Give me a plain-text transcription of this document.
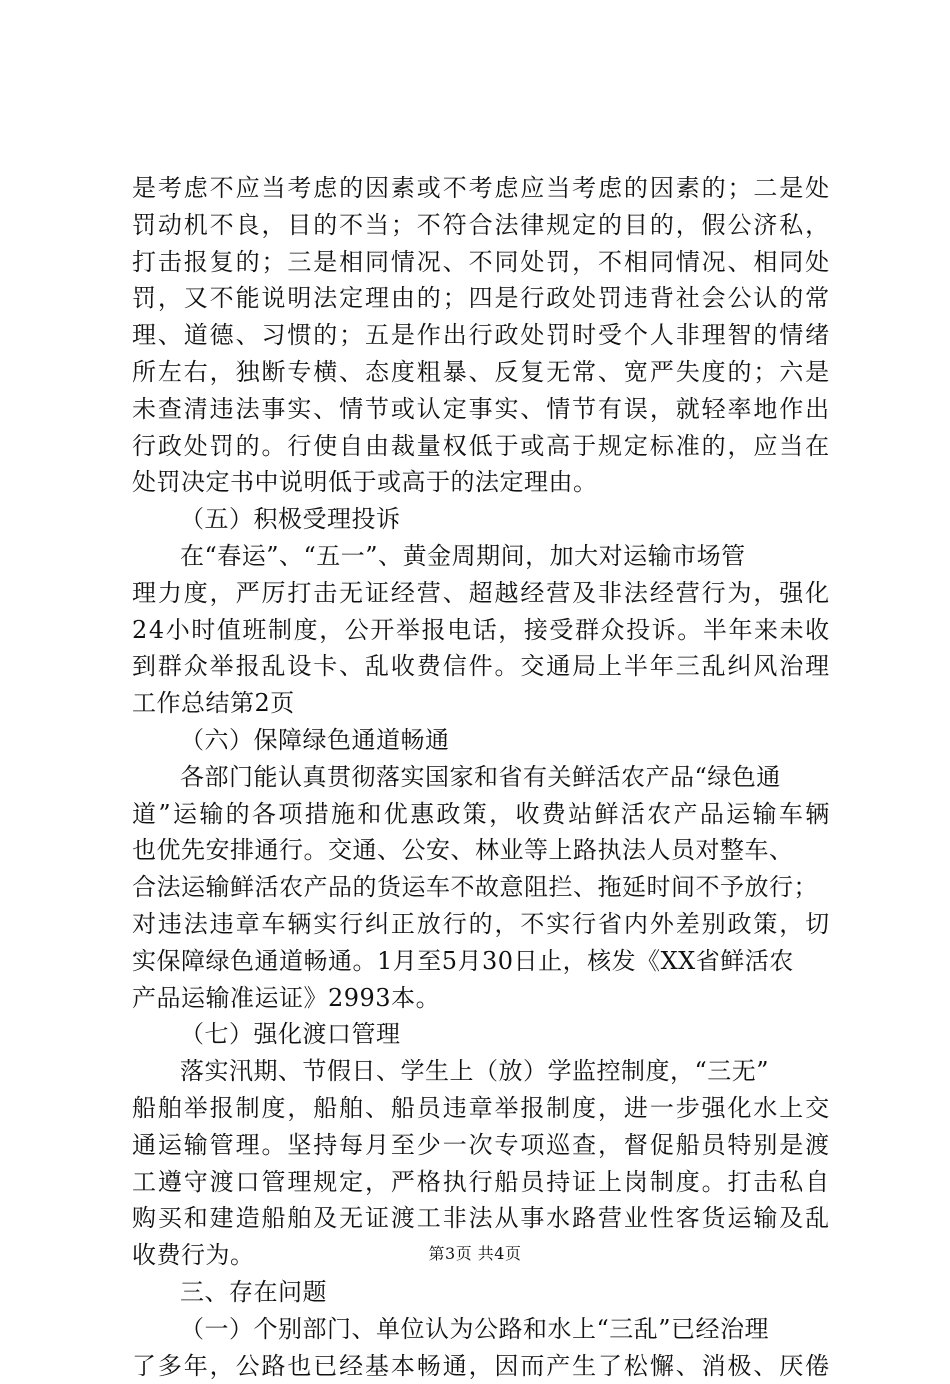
是 考 虑 不 应 当 考 虑 的 因 素 或 不 考 虑 应 当 考 虑 的 因 素 的 ； 二 是 处
罚 动 机 不 良 ， 目 的 不 当 ； 不 符 合 法 律 规 定 的 目 的 ， 假 公 济 私 ，
打 击 报 复 的 ； 三 是 相 同 情 况 、 不 同 处 罚 ， 不 相 同 情 况 、 相 同 处
罚 ， 又 不 能 说 明 法 定 理 由 的 ； 四 是 行 政 处 罚 违 背 社 会 公 认 的 常
理 、 道 德 、 习 惯 的 ； 五 是 作 出 行 政 处 罚 时 受 个 人 非 理 智 的 情 绪
所 左 右 ， 独 断 专 横 、 态 度 粗 暴 、 反 复 无 常 、 宽 严 失 度 的 ； 六 是
未 查 清 违 法 事 实 、 情 节 或 认 定 事 实 、 情 节 有 误 ， 就 轻 率 地 作 出
行 政 处 罚 的 。 行 使 自 由 裁 量 权 低 于 或 高 于 规 定 标 准 的 ， 应 当 在
处罚决定书中说明低于或高于的法定理由。
（五）积极受理投诉
在“春运”、“五一”、黄金周期间，加大对运输市场管
理 力 度 ， 严 厉 打 击 无 证 经 营 、 超 越 经 营 及 非 法 经 营 行 为 ， 强 化
2 4 小 时 值 班 制 度 ， 公 开 举 报 电 话 ， 接 受 群 众 投 诉 。 半 年 来 未 收
到 群 众 举 报 乱 设 卡 、 乱 收 费 信 件 。 交 通 局 上 半 年 三 乱 纠 风 治 理
工作总结第2页
（六）保障绿色通道畅通
各部门能认真贯彻落实国家和省有关鲜活农产品“绿色通
道 ” 运 输 的 各 项 措 施 和 优 惠 政 策 ， 收 费 站 鲜 活 农 产 品 运 输 车 辆
也优先安排通行。交通、公安、林业等上路执法人员对整车、
合法运输鲜活农产品的货运车不故意阻拦、拖延时间不予放行；
对 违 法 违 章 车 辆 实 行 纠 正 放 行 的 ， 不 实 行 省 内 外 差 别 政 策 ， 切
实保障绿色通道畅通。1月至5月30日止，核发《XX省鲜活农
产品运输准运证》2993本。
（七）强化渡口管理
落实汛期、节假日、学生上（放）学监控制度，“三无”
船 舶 举 报 制 度 ， 船 舶 、 船 员 违 章 举 报 制 度 ， 进 一 步 强 化 水 上 交
通 运 输 管 理 。 坚 持 每 月 至 少 一 次 专 项 巡 查 ， 督 促 船 员 特 别 是 渡
工 遵 守 渡 口 管 理 规 定 ， 严 格 执 行 船 员 持 证 上 岗 制 度 。 打 击 私 自
购 买 和 建 造 船 舶 及 无 证 渡 工 非 法 从 事 水 路 营 业 性 客 货 运 输 及 乱
收费行为。
三、存在问题
（一）个别部门、单位认为公路和水上“三乱”已经治理
了 多 年 ， 公 路 也 已 经 基 本 畅 通 ， 因 而 产 生 了 松 懈 、 消 极 、 厌 倦
第3页 共4页
